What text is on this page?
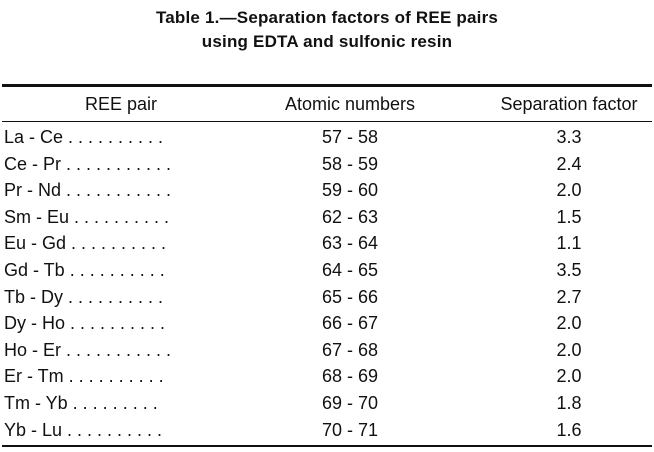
Table 1.—Separation factors of REE pairs
using EDTA and sulfonic resin
REE pair	Atomic numbers	Separation factor
La - Ce . . . . . . . . . .	57 - 58	3.3
Ce - Pr . . . . . . . . . . .	58 - 59	2.4
Pr - Nd . . . . . . . . . . .	59 - 60	2.0
Sm - Eu . . . . . . . . . .	62 - 63	1.5
Eu - Gd . . . . . . . . . .	63 - 64	1.1
Gd - Tb . . . . . . . . . .	64 - 65	3.5
Tb - Dy . . . . . . . . . .	65 - 66	2.7
Dy - Ho . . . . . . . . . .	66 - 67	2.0
Ho - Er . . . . . . . . . . .	67 - 68	2.0
Er - Tm . . . . . . . . . .	68 - 69	2.0
Tm - Yb . . . . . . . . .	69 - 70	1.8
Yb - Lu . . . . . . . . . .	70 - 71	1.6
